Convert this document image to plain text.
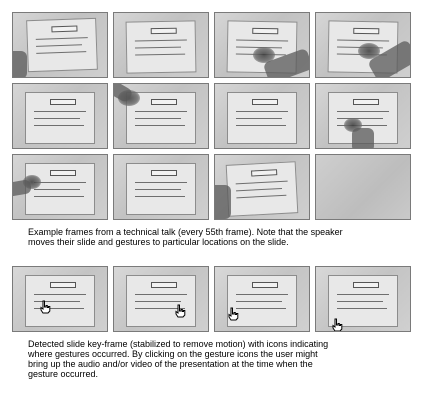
Example frames from a technical talk (every 55th frame). Note that the speaker
moves their slide and gestures to particular locations on the slide.
Detected slide key-frame (stabilized to remove motion) with icons indicating
where gestures occurred. By clicking on the gesture icons the user might
bring up the audio and/or video of the presentation at the time when the
gesture occurred.
